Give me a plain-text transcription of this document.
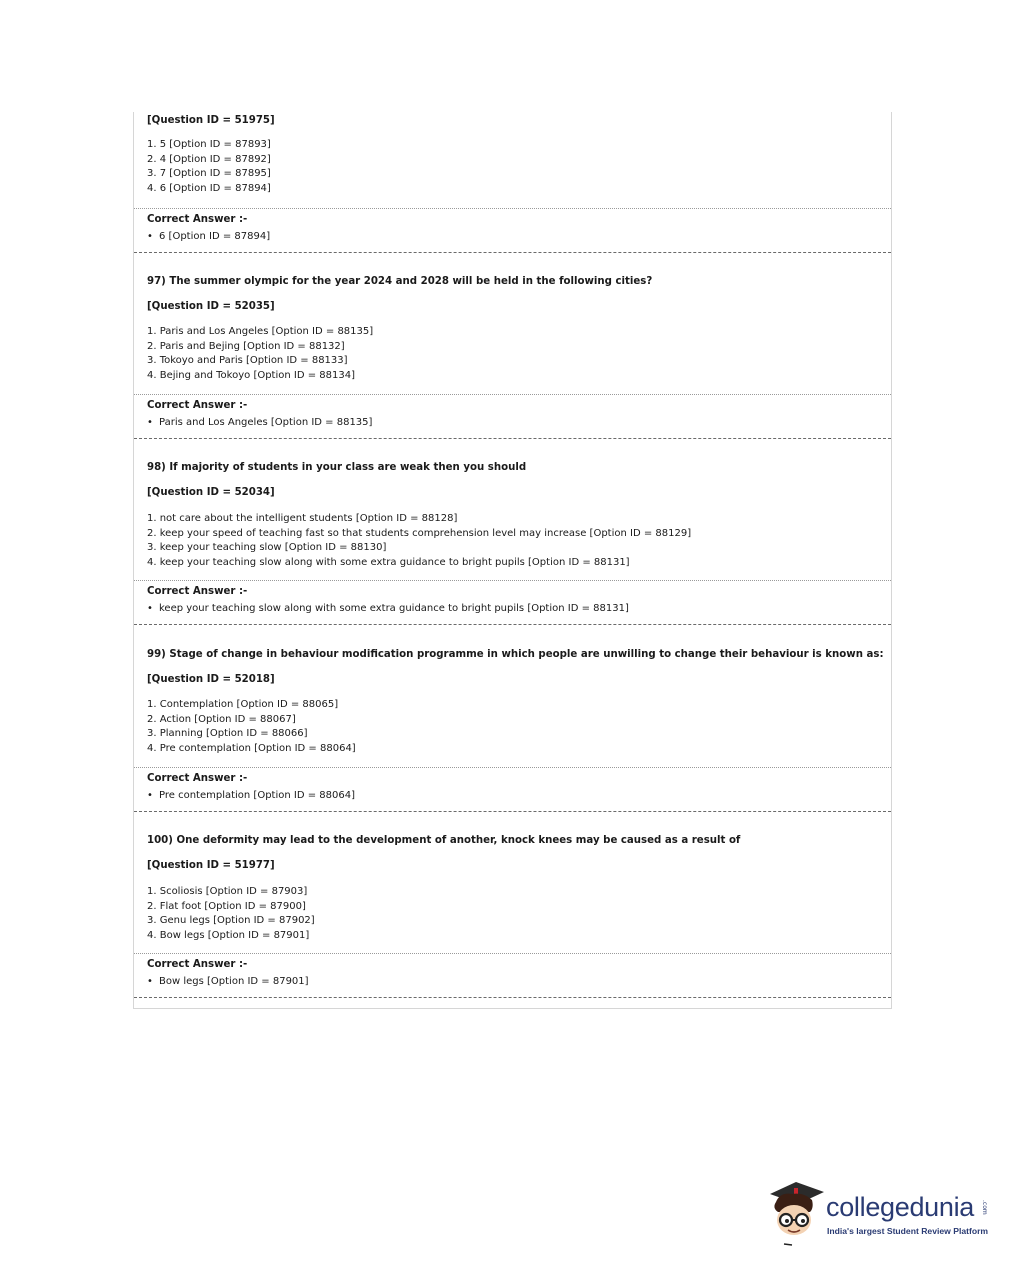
[Question ID = 51975]
1. 5 [Option ID = 87893]
2. 4 [Option ID = 87892]
3. 7 [Option ID = 87895]
4. 6 [Option ID = 87894]
Correct Answer :-
• 6 [Option ID = 87894]
97) The summer olympic for the year 2024 and 2028 will be held in the following cities?
[Question ID = 52035]
1. Paris and Los Angeles [Option ID = 88135]
2. Paris and Bejing [Option ID = 88132]
3. Tokoyo and Paris [Option ID = 88133]
4. Bejing and Tokoyo [Option ID = 88134]
Correct Answer :-
• Paris and Los Angeles [Option ID = 88135]
98) If majority of students in your class are weak then you should
[Question ID = 52034]
1. not care about the intelligent students [Option ID = 88128]
2. keep your speed of teaching fast so that students comprehension level may increase [Option ID = 88129]
3. keep your teaching slow [Option ID = 88130]
4. keep your teaching slow along with some extra guidance to bright pupils [Option ID = 88131]
Correct Answer :-
• keep your teaching slow along with some extra guidance to bright pupils [Option ID = 88131]
99) Stage of change in behaviour modification programme in which people are unwilling to change their behaviour is known as:
[Question ID = 52018]
1. Contemplation [Option ID = 88065]
2. Action [Option ID = 88067]
3. Planning [Option ID = 88066]
4. Pre contemplation [Option ID = 88064]
Correct Answer :-
• Pre contemplation [Option ID = 88064]
100) One deformity may lead to the development of another, knock knees may be caused as a result of
[Question ID = 51977]
1. Scoliosis [Option ID = 87903]
2. Flat foot [Option ID = 87900]
3. Genu legs [Option ID = 87902]
4. Bow legs [Option ID = 87901]
Correct Answer :-
• Bow legs [Option ID = 87901]
collegedunia .com
India's largest Student Review Platform
